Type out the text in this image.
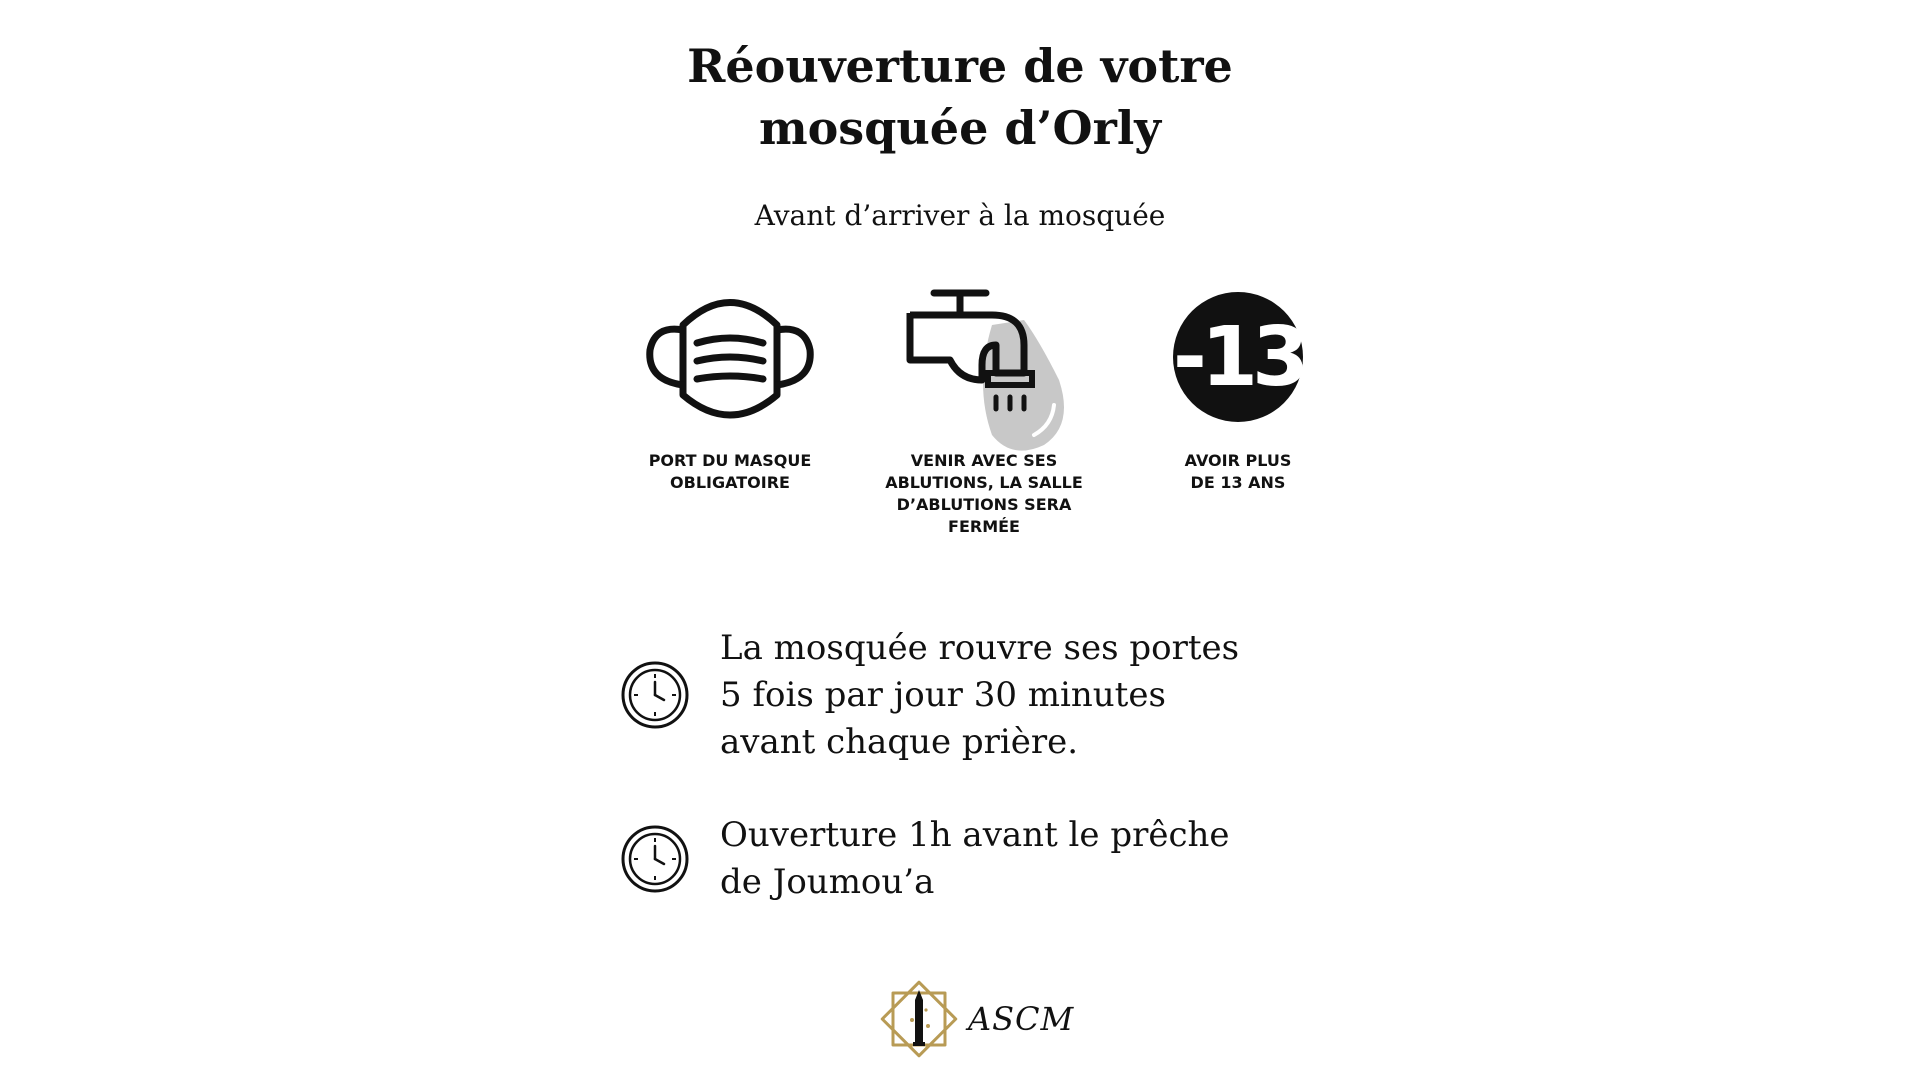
Réouverture de votre
mosquée d’Orly

Avant d’arriver à la mosquée

PORT DU MASQUE
OBLIGATOIRE
VENIR AVEC SES
ABLUTIONS, LA SALLE
D’ABLUTIONS SERA
FERMÉE
-13
AVOIR PLUS
DE 13 ANS
La mosquée rouvre ses portes
5 fois par jour 30 minutes
avant chaque prière.
Ouverture 1h avant le prêche
de Joumou’a
ASCM
